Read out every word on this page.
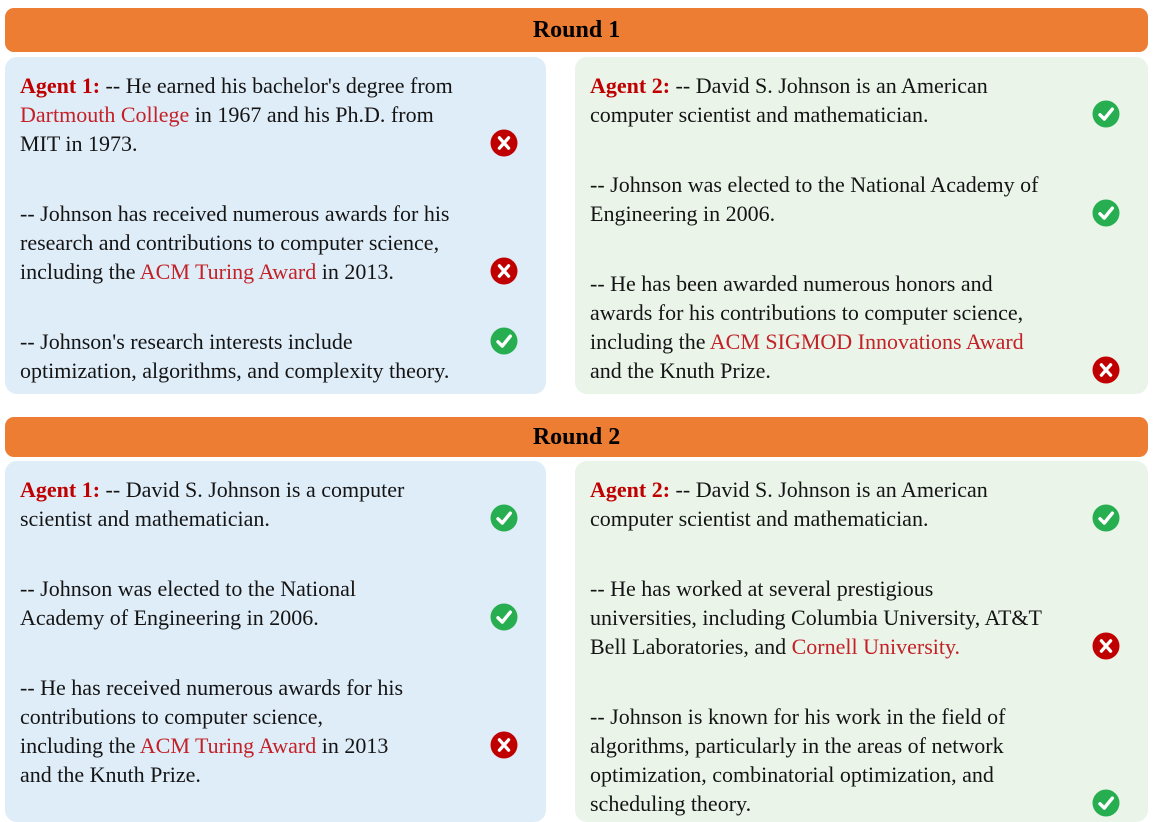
Round 1
Agent 1: -- He earned his bachelor's degree from
Dartmouth College in 1967 and his Ph.D. from
MIT in 1973.
-- Johnson has received numerous awards for his
research and contributions to computer science,
including the ACM Turing Award in 2013.
-- Johnson's research interests include
optimization, algorithms, and complexity theory.
Agent 2: -- David S. Johnson is an American
computer scientist and mathematician.
-- Johnson was elected to the National Academy of
Engineering in 2006.
-- He has been awarded numerous honors and
awards for his contributions to computer science,
including the ACM SIGMOD Innovations Award
and the Knuth Prize.
Round 2
Agent 1: -- David S. Johnson is a computer
scientist and mathematician.
-- Johnson was elected to the National
Academy of Engineering in 2006.
-- He has received numerous awards for his
contributions to computer science,
including the ACM Turing Award in 2013
and the Knuth Prize.
Agent 2: -- David S. Johnson is an American
computer scientist and mathematician.
-- He has worked at several prestigious
universities, including Columbia University, AT&T
Bell Laboratories, and Cornell University.
-- Johnson is known for his work in the field of
algorithms, particularly in the areas of network
optimization, combinatorial optimization, and
scheduling theory.
